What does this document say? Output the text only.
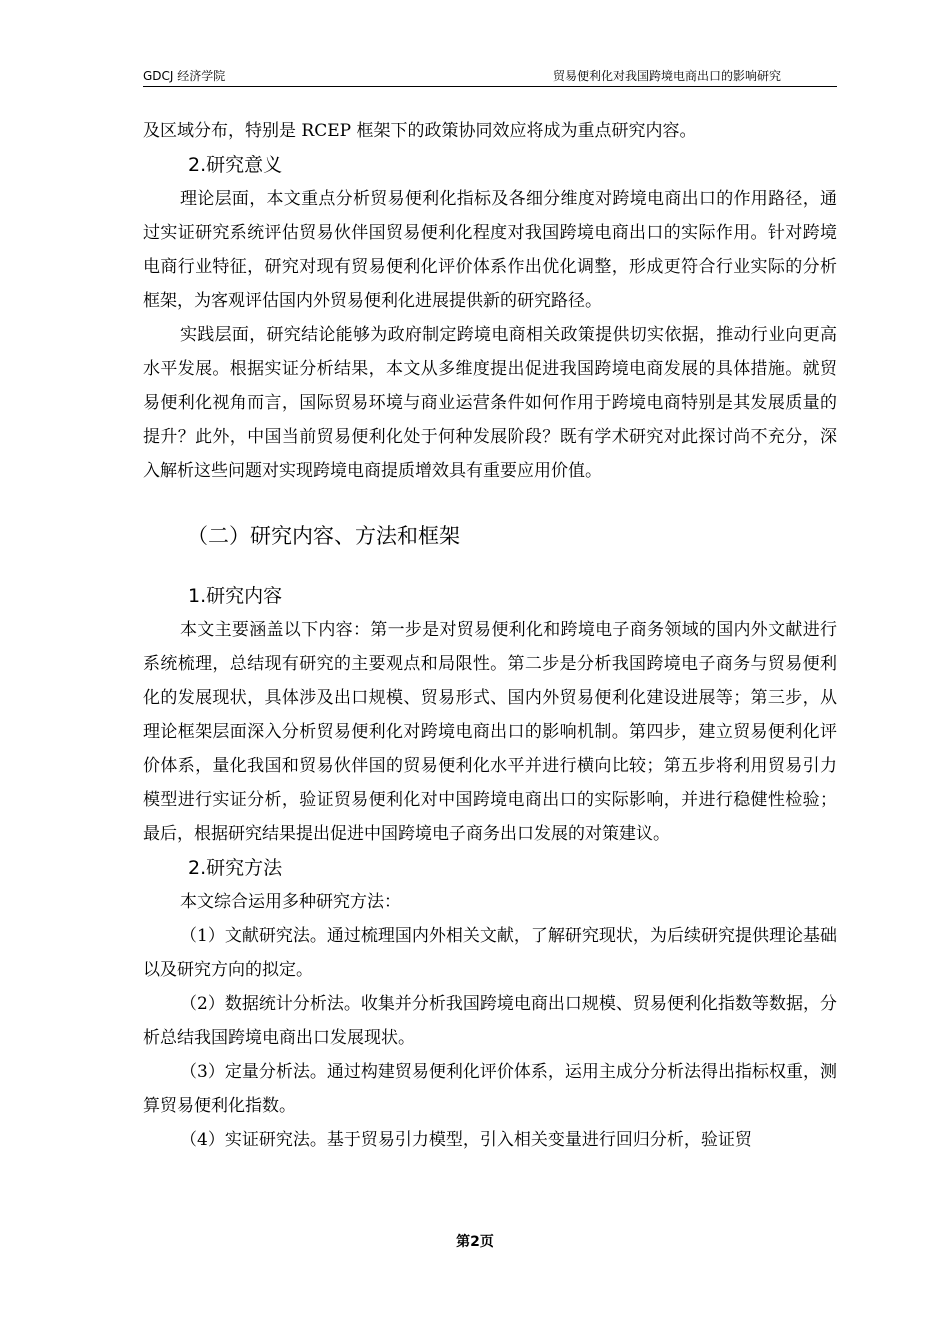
GDCJ 经济学院	贸易便利化对我国跨境电商出口的影响研究

及区域分布，特别是 RCEP 框架下的政策协同效应将成为重点研究内容。

2.研究意义

理论层面，本文重点分析贸易便利化指标及各细分维度对跨境电商出口的作用路径，通过实证研究系统评估贸易伙伴国贸易便利化程度对我国跨境电商出口的实际作用。针对跨境电商行业特征，研究对现有贸易便利化评价体系作出优化调整，形成更符合行业实际的分析框架，为客观评估国内外贸易便利化进展提供新的研究路径。

实践层面，研究结论能够为政府制定跨境电商相关政策提供切实依据，推动行业向更高水平发展。根据实证分析结果，本文从多维度提出促进我国跨境电商发展的具体措施。就贸易便利化视角而言，国际贸易环境与商业运营条件如何作用于跨境电商特别是其发展质量的提升？此外，中国当前贸易便利化处于何种发展阶段？既有学术研究对此探讨尚不充分，深入解析这些问题对实现跨境电商提质增效具有重要应用价值。

（二）研究内容、方法和框架

1.研究内容

本文主要涵盖以下内容：第一步是对贸易便利化和跨境电子商务领域的国内外文献进行系统梳理，总结现有研究的主要观点和局限性。第二步是分析我国跨境电子商务与贸易便利化的发展现状，具体涉及出口规模、贸易形式、国内外贸易便利化建设进展等；第三步，从理论框架层面深入分析贸易便利化对跨境电商出口的影响机制。第四步，建立贸易便利化评价体系，量化我国和贸易伙伴国的贸易便利化水平并进行横向比较；第五步将利用贸易引力模型进行实证分析，验证贸易便利化对中国跨境电商出口的实际影响，并进行稳健性检验；最后，根据研究结果提出促进中国跨境电子商务出口发展的对策建议。

2.研究方法

本文综合运用多种研究方法：

（1）文献研究法。通过梳理国内外相关文献，了解研究现状，为后续研究提供理论基础以及研究方向的拟定。

（2）数据统计分析法。收集并分析我国跨境电商出口规模、贸易便利化指数等数据，分析总结我国跨境电商出口发展现状。

（3）定量分析法。通过构建贸易便利化评价体系，运用主成分分析法得出指标权重，测算贸易便利化指数。

（4）实证研究法。基于贸易引力模型，引入相关变量进行回归分析，验证贸

第2页
